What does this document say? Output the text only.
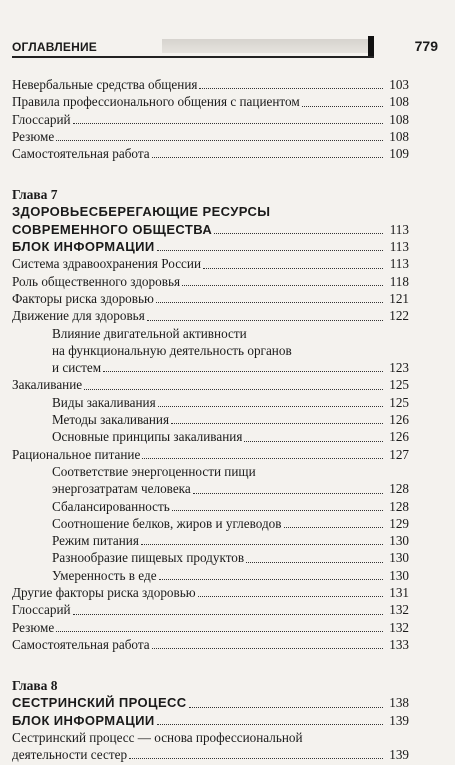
ОГЛАВЛЕНИЕ	779
Невербальные средства общения	103
Правила профессионального общения с пациентом	108
Глоссарий	108
Резюме	108
Самостоятельная работа	109
Глава 7
ЗДОРОВЬЕСБЕРЕГАЮЩИЕ РЕСУРСЫ
СОВРЕМЕННОГО ОБЩЕСТВА	113
БЛОК ИНФОРМАЦИИ	113
Система здравоохранения России	113
Роль общественного здоровья	118
Факторы риска здоровью	121
Движение для здоровья	122
Влияние двигательной активности
на функциональную деятельность органов
и систем	123
Закаливание	125
Виды закаливания	125
Методы закаливания	126
Основные принципы закаливания	126
Рациональное питание	127
Соответствие энергоценности пищи
энергозатратам человека	128
Сбалансированность	128
Соотношение белков, жиров и углеводов	129
Режим питания	130
Разнообразие пищевых продуктов	130
Умеренность в еде	130
Другие факторы риска здоровью	131
Глоссарий	132
Резюме	132
Самостоятельная работа	133
Глава 8
СЕСТРИНСКИЙ ПРОЦЕСС	138
БЛОК ИНФОРМАЦИИ	139
Сестринский процесс — основа профессиональной
деятельности сестер	139
